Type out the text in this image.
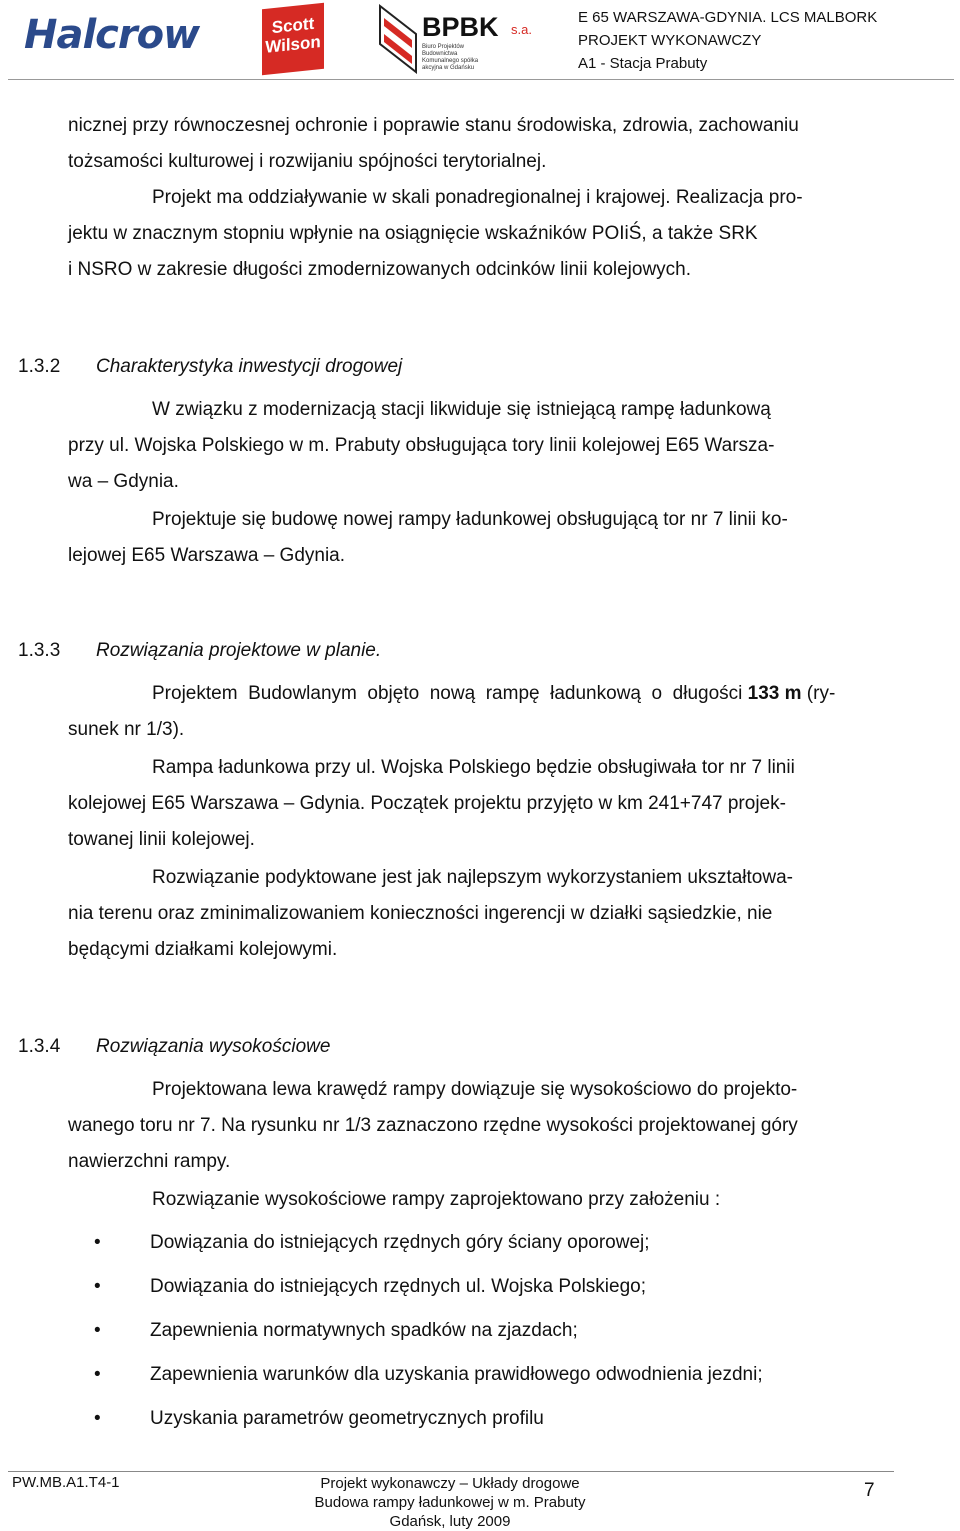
Halcrow	Scott
Wilson
BPBK s.a.
Biuro Projektów Budownictwa Komunalnego spółka akcyjna w Gdańsku
E 65 WARSZAWA-GDYNIA. LCS MALBORK
PROJEKT WYKONAWCZY
A1 - Stacja Prabuty
nicznej przy równoczesnej ochronie i poprawie stanu środowiska, zdrowia, zachowaniu
tożsamości kulturowej i rozwijaniu spójności terytorialnej.
Projekt ma oddziaływanie w skali ponadregionalnej i krajowej. Realizacja pro-
jektu w znacznym stopniu wpłynie na osiągnięcie wskaźników POIiŚ, a także SRK
i NSRO w zakresie długości zmodernizowanych odcinków linii kolejowych.
1.3.2 Charakterystyka inwestycji drogowej
W związku z modernizacją stacji likwiduje się istniejącą rampę ładunkową
przy ul. Wojska Polskiego w m. Prabuty obsługująca tory linii kolejowej E65 Warsza-
wa – Gdynia.
Projektuje się budowę nowej rampy ładunkowej obsługującą tor nr 7 linii ko-
lejowej E65 Warszawa – Gdynia.
1.3.3 Rozwiązania projektowe w planie.
Projektem  Budowlanym  objęto  nową  rampę  ładunkową  o  długości 133 m (ry-
sunek nr 1/3).
Rampa ładunkowa przy ul. Wojska Polskiego będzie obsługiwała tor nr 7 linii
kolejowej E65 Warszawa – Gdynia. Początek projektu przyjęto w km 241+747 projek-
towanej linii kolejowej.
Rozwiązanie podyktowane jest jak najlepszym wykorzystaniem ukształtowa-
nia terenu oraz zminimalizowaniem konieczności ingerencji w działki sąsiedzkie, nie
będącymi działkami kolejowymi.
1.3.4 Rozwiązania wysokościowe
Projektowana lewa krawędź rampy dowiązuje się wysokościowo do projekto-
wanego toru nr 7. Na rysunku nr 1/3 zaznaczono rzędne wysokości projektowanej góry
nawierzchni rampy.
Rozwiązanie wysokościowe rampy zaprojektowano przy założeniu :
•	Dowiązania do istniejących rzędnych góry ściany oporowej;
•	Dowiązania do istniejących rzędnych ul. Wojska Polskiego;
•	Zapewnienia normatywnych spadków na zjazdach;
•	Zapewnienia warunków dla uzyskania prawidłowego odwodnienia jezdni;
•	Uzyskania parametrów geometrycznych profilu
PW.MB.A1.T4-1	Projekt wykonawczy – Układy drogowe
Budowa rampy ładunkowej w m. Prabuty
Gdańsk, luty 2009
7
